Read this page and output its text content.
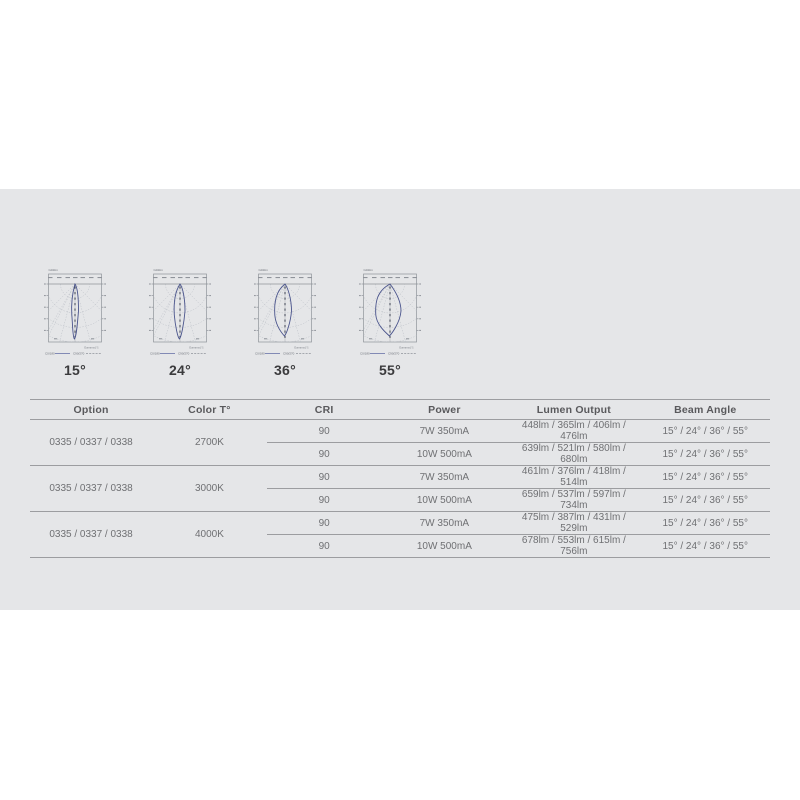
Cd/klm
Gamma [°]
C0/180	C90/270
15°
Cd/klm
Gamma [°]
C0/180	C90/270
24°
Cd/klm
Gamma [°]
C0/180	C90/270
36°
Cd/klm
Gamma [°]
C0/180	C90/270
55°
Option	Color T°	CRI	Power	Lumen Output	Beam Angle
0335 / 0337 / 0338	2700K	90	7W 350mA	448lm / 365lm / 406lm / 476lm	15° / 24° / 36° / 55°
		90	10W 500mA	639lm / 521lm / 580lm / 680lm	15° / 24° / 36° / 55°
0335 / 0337 / 0338	3000K	90	7W 350mA	461lm / 376lm / 418lm / 514lm	15° / 24° / 36° / 55°
		90	10W 500mA	659lm / 537lm / 597lm / 734lm	15° / 24° / 36° / 55°
0335 / 0337 / 0338	4000K	90	7W 350mA	475lm / 387lm / 431lm / 529lm	15° / 24° / 36° / 55°
		90	10W 500mA	678lm / 553lm / 615lm / 756lm	15° / 24° / 36° / 55°
